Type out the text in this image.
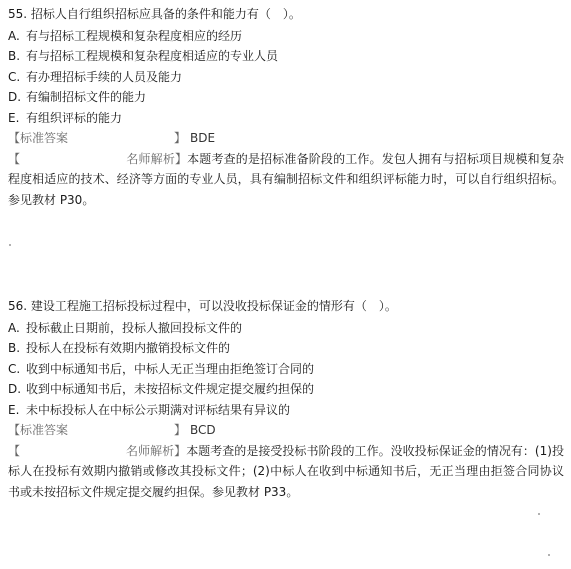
55. 招标人自行组织招标应具备的条件和能力有（　）。
A. 有与招标工程规模和复杂程度相应的经历
B. 有与招标工程规模和复杂程度相适应的专业人员
C. 有办理招标手续的人员及能力
D. 有编制招标文件的能力
E. 有组织评标的能力
【标准答案	】 BDE
【	名师解析】本题考查的是招标准备阶段的工作。发包人拥有与招标项目规模和复杂程度相适应的技术、经济等方面的专业人员，具有编制招标文件和组织评标能力时，可以自行组织招标。参见教材 P30。
56. 建设工程施工招标投标过程中，可以没收投标保证金的情形有（　）。
A. 投标截止日期前，投标人撤回投标文件的
B. 投标人在投标有效期内撤销投标文件的
C. 收到中标通知书后，中标人无正当理由拒绝签订合同的
D. 收到中标通知书后，未按招标文件规定提交履约担保的
E. 未中标投标人在中标公示期满对评标结果有异议的
【标准答案	】 BCD
【	名师解析】本题考查的是接受投标书阶段的工作。没收投标保证金的情况有：(1)投标人在投标有效期内撤销或修改其投标文件；(2)中标人在收到中标通知书后，无正当理由拒签合同协议书或未按招标文件规定提交履约担保。参见教材 P33。
